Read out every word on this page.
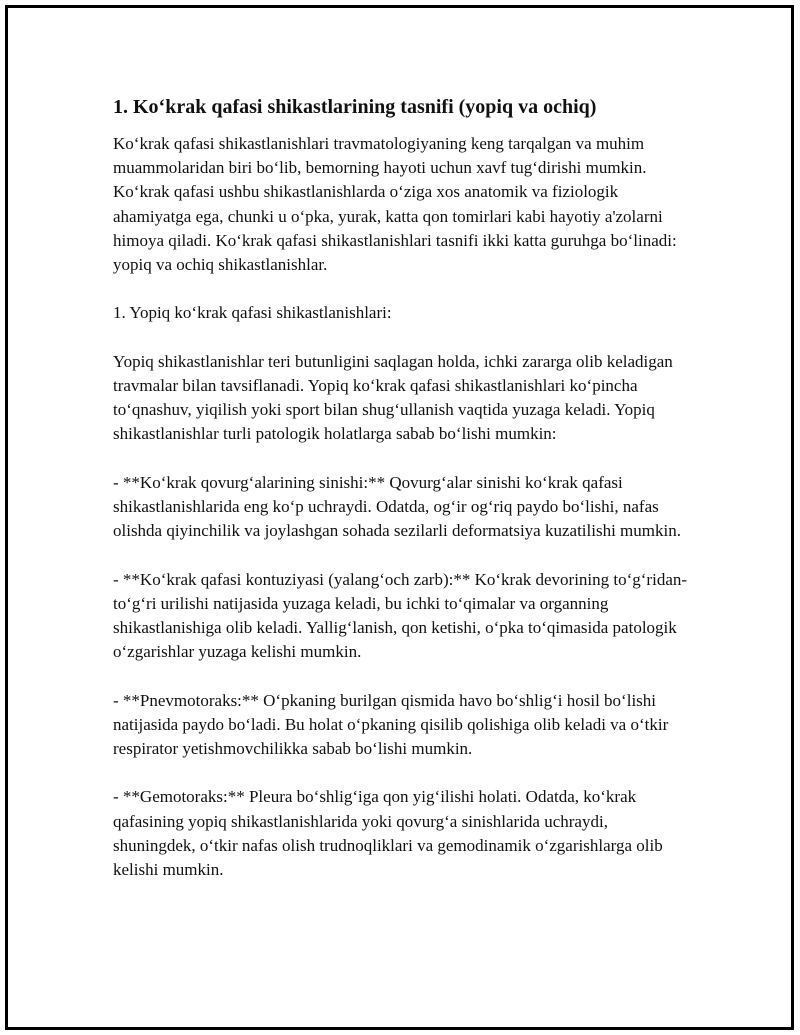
1. Ko‘krak qafasi shikastlarining tasnifi (yopiq va ochiq)

Ko‘krak qafasi shikastlanishlari travmatologiyaning keng tarqalgan va muhim muammolaridan biri bo‘lib, bemorning hayoti uchun xavf tug‘dirishi mumkin. Ko‘krak qafasi ushbu shikastlanishlarda o‘ziga xos anatomik va fiziologik ahamiyatga ega, chunki u o‘pka, yurak, katta qon tomirlari kabi hayotiy a'zolarni himoya qiladi. Ko‘krak qafasi shikastlanishlari tasnifi ikki katta guruhga bo‘linadi: yopiq va ochiq shikastlanishlar.

1. Yopiq ko‘krak qafasi shikastlanishlari:

Yopiq shikastlanishlar teri butunligini saqlagan holda, ichki zararga olib keladigan travmalar bilan tavsiflanadi. Yopiq ko‘krak qafasi shikastlanishlari ko‘pincha to‘qnashuv, yiqilish yoki sport bilan shug‘ullanish vaqtida yuzaga keladi. Yopiq shikastlanishlar turli patologik holatlarga sabab bo‘lishi mumkin:

- **Ko‘krak qovurg‘alarining sinishi:** Qovurg‘alar sinishi ko‘krak qafasi shikastlanishlarida eng ko‘p uchraydi. Odatda, og‘ir og‘riq paydo bo‘lishi, nafas olishda qiyinchilik va joylashgan sohada sezilarli deformatsiya kuzatilishi mumkin.

- **Ko‘krak qafasi kontuziyasi (yalang‘och zarb):** Ko‘krak devorining to‘g‘ridan-to‘g‘ri urilishi natijasida yuzaga keladi, bu ichki to‘qimalar va organning shikastlanishiga olib keladi. Yallig‘lanish, qon ketishi, o‘pka to‘qimasida patologik o‘zgarishlar yuzaga kelishi mumkin.

- **Pnevmotoraks:** O‘pkaning burilgan qismida havo bo‘shlig‘i hosil bo‘lishi natijasida paydo bo‘ladi. Bu holat o‘pkaning qisilib qolishiga olib keladi va o‘tkir respirator yetishmovchilikka sabab bo‘lishi mumkin.

- **Gemotoraks:** Pleura bo‘shlig‘iga qon yig‘ilishi holati. Odatda, ko‘krak qafasining yopiq shikastlanishlarida yoki qovurg‘a sinishlarida uchraydi, shuningdek, o‘tkir nafas olish trudnoqliklari va gemodinamik o‘zgarishlarga olib kelishi mumkin.
